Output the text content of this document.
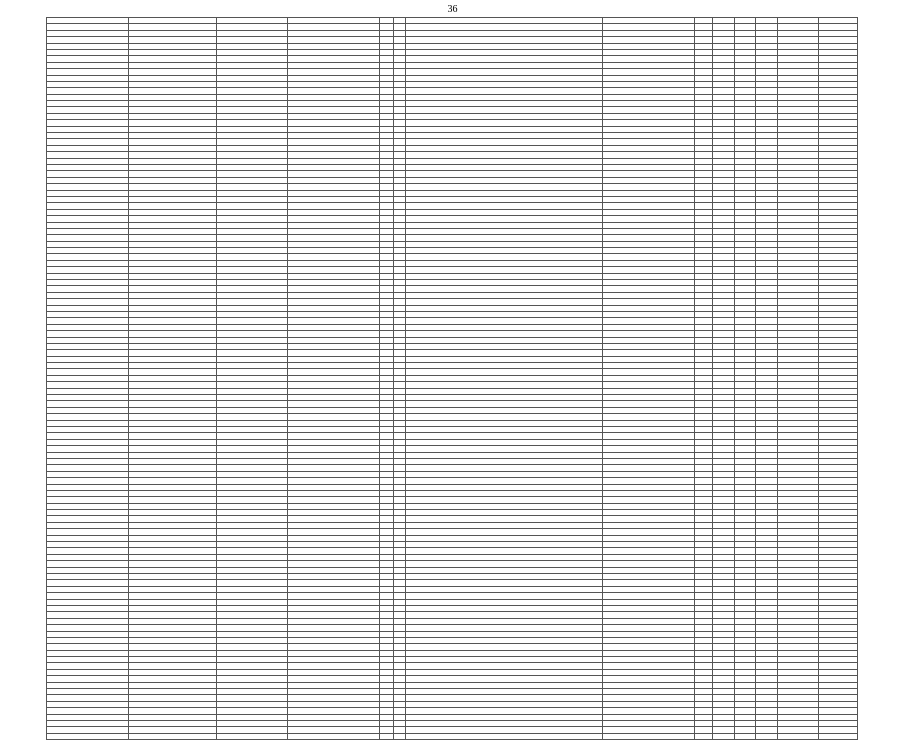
36
